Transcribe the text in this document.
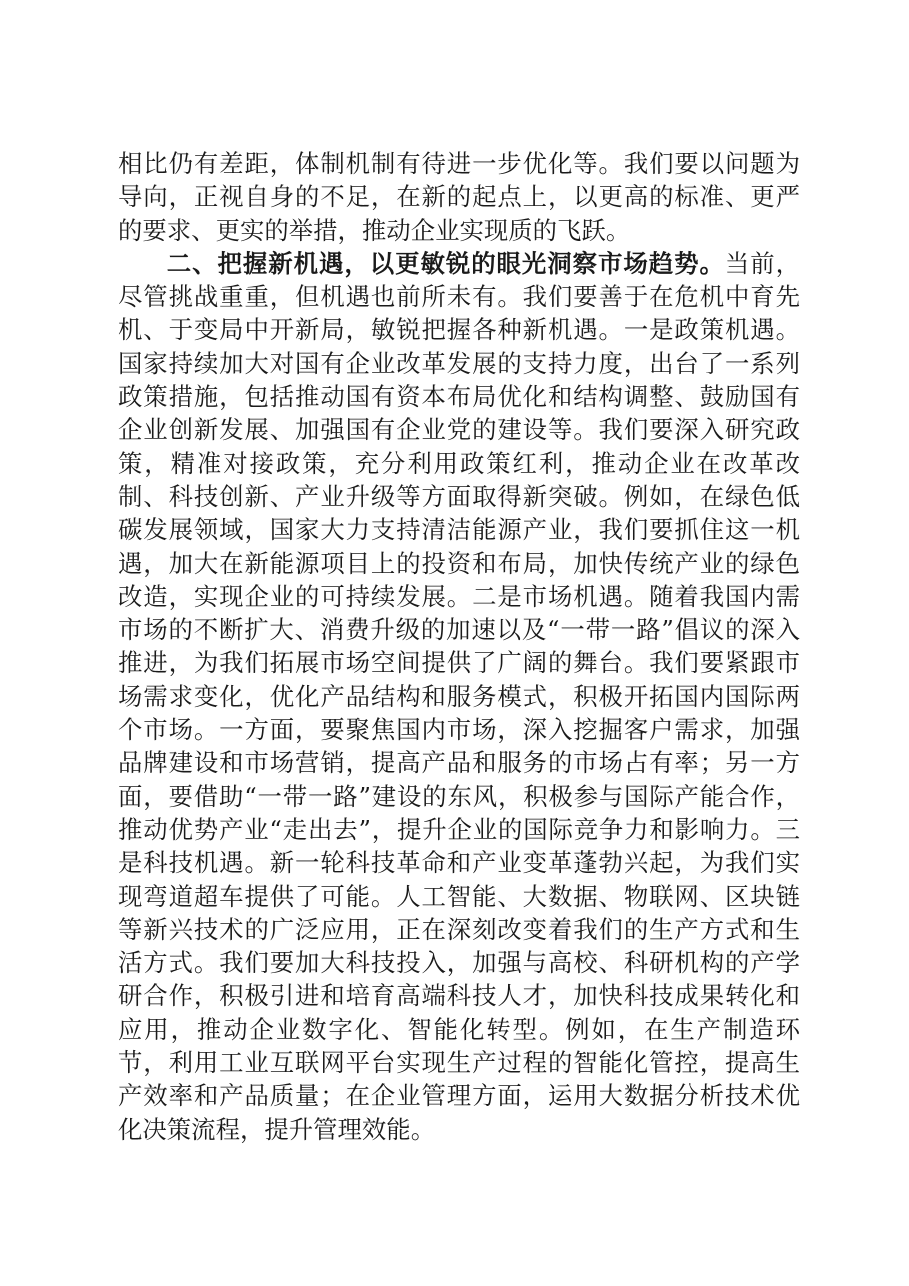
相比仍有差距，体制机制有待进一步优化等。我们要以问题为导向，正视自身的不足，在新的起点上，以更高的标准、更严的要求、更实的举措，推动企业实现质的飞跃。

二、把握新机遇，以更敏锐的眼光洞察市场趋势。当前，尽管挑战重重，但机遇也前所未有。我们要善于在危机中育先机、于变局中开新局，敏锐把握各种新机遇。一是政策机遇。国家持续加大对国有企业改革发展的支持力度，出台了一系列政策措施，包括推动国有资本布局优化和结构调整、鼓励国有企业创新发展、加强国有企业党的建设等。我们要深入研究政策，精准对接政策，充分利用政策红利，推动企业在改革改制、科技创新、产业升级等方面取得新突破。例如，在绿色低碳发展领域，国家大力支持清洁能源产业，我们要抓住这一机遇，加大在新能源项目上的投资和布局，加快传统产业的绿色改造，实现企业的可持续发展。二是市场机遇。随着我国内需市场的不断扩大、消费升级的加速以及“一带一路”倡议的深入推进，为我们拓展市场空间提供了广阔的舞台。我们要紧跟市场需求变化，优化产品结构和服务模式，积极开拓国内国际两个市场。一方面，要聚焦国内市场，深入挖掘客户需求，加强品牌建设和市场营销，提高产品和服务的市场占有率；另一方面，要借助“一带一路”建设的东风，积极参与国际产能合作，推动优势产业“走出去”，提升企业的国际竞争力和影响力。三是科技机遇。新一轮科技革命和产业变革蓬勃兴起，为我们实现弯道超车提供了可能。人工智能、大数据、物联网、区块链等新兴技术的广泛应用，正在深刻改变着我们的生产方式和生活方式。我们要加大科技投入，加强与高校、科研机构的产学研合作，积极引进和培育高端科技人才，加快科技成果转化和应用，推动企业数字化、智能化转型。例如，在生产制造环节，利用工业互联网平台实现生产过程的智能化管控，提高生产效率和产品质量；在企业管理方面，运用大数据分析技术优化决策流程，提升管理效能。
